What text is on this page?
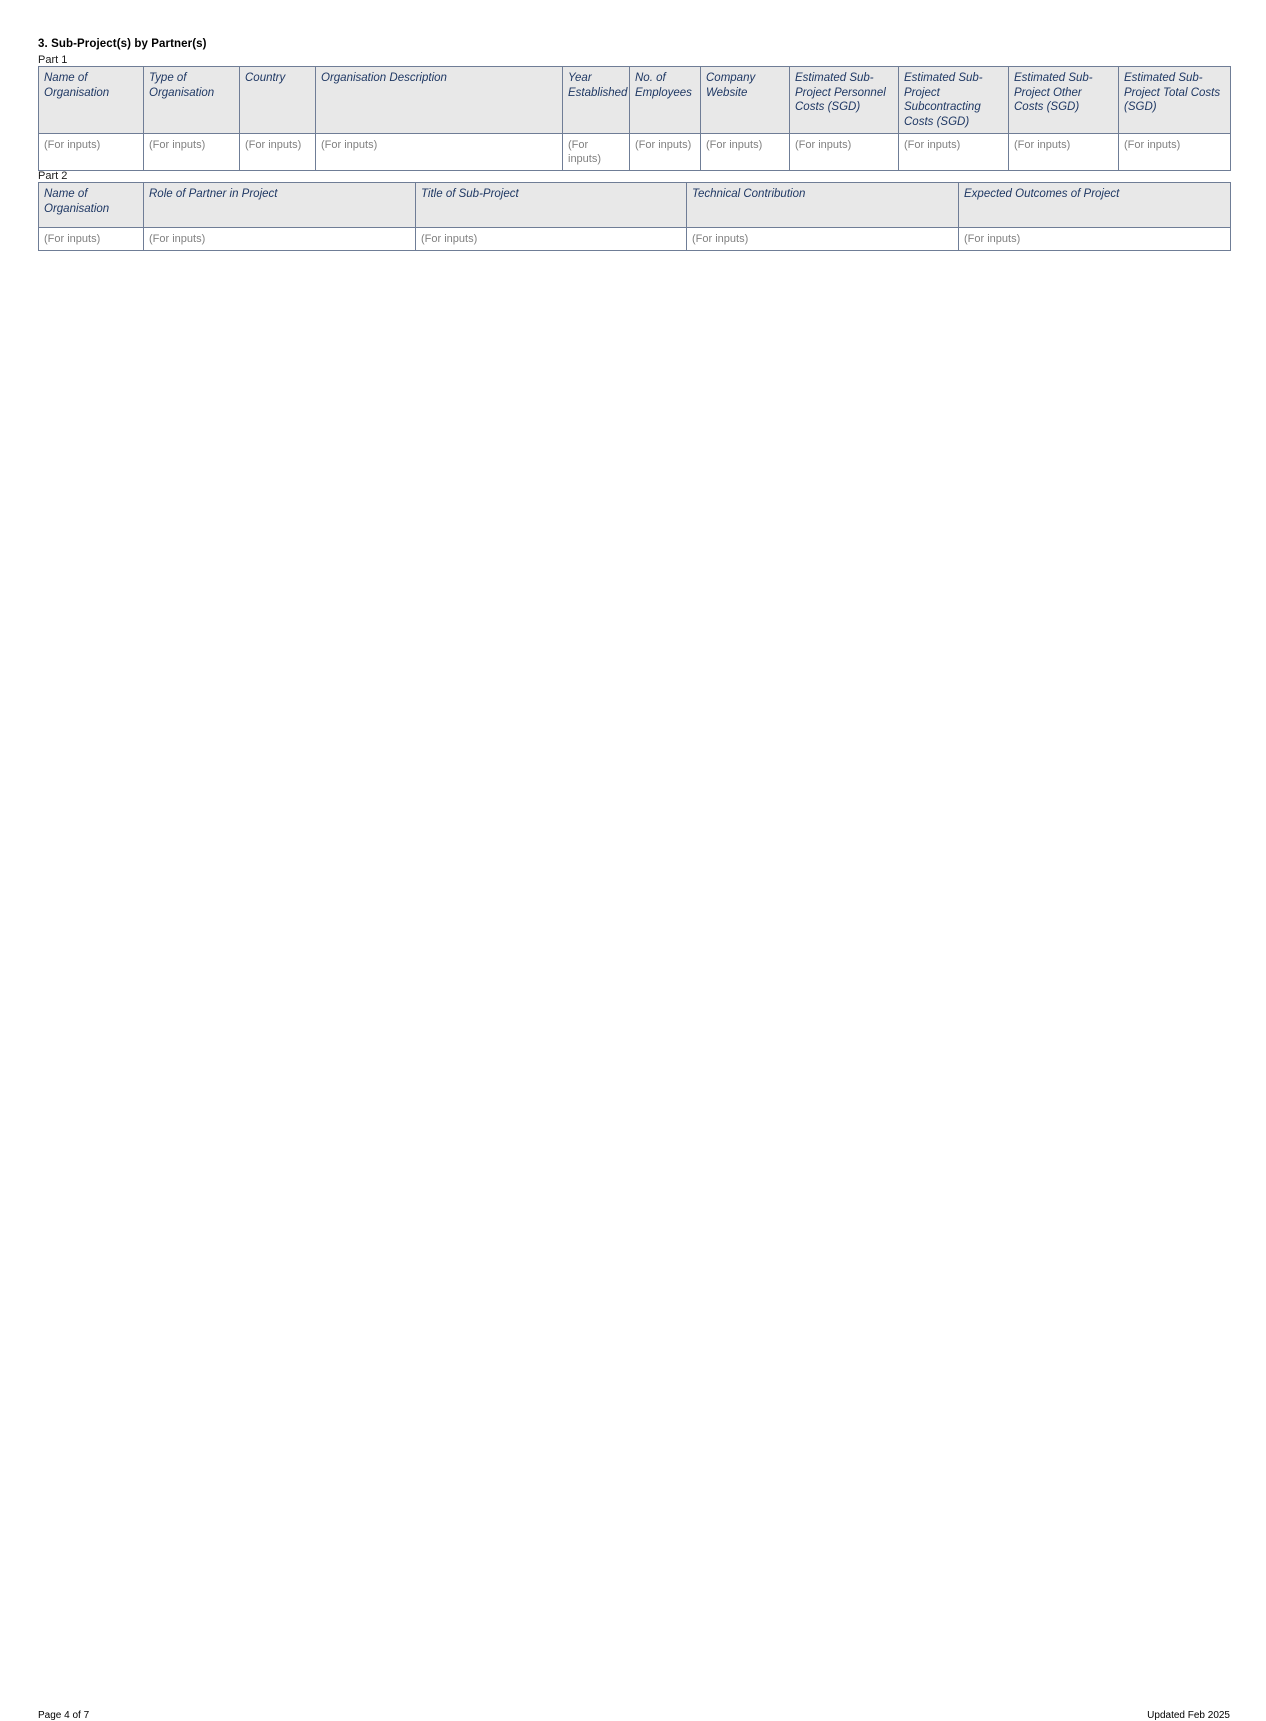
3. Sub-Project(s) by Partner(s)
Part 1
Name of Organisation	Type of Organisation	Country	Organisation Description	Year Established	No. of Employees	Company Website	Estimated Sub-Project Personnel Costs (SGD)	Estimated Sub-Project Subcontracting Costs (SGD)	Estimated Sub-Project Other Costs (SGD)	Estimated Sub-Project Total Costs (SGD)
(For inputs)	(For inputs)	(For inputs)	(For inputs)	(For inputs)	(For inputs)	(For inputs)	(For inputs)	(For inputs)	(For inputs)	(For inputs)
Part 2
Name of Organisation	Role of Partner in Project	Title of Sub-Project	Technical Contribution	Expected Outcomes of Project
(For inputs)	(For inputs)	(For inputs)	(For inputs)	(For inputs)
Page 4 of 7	Updated Feb 2025
